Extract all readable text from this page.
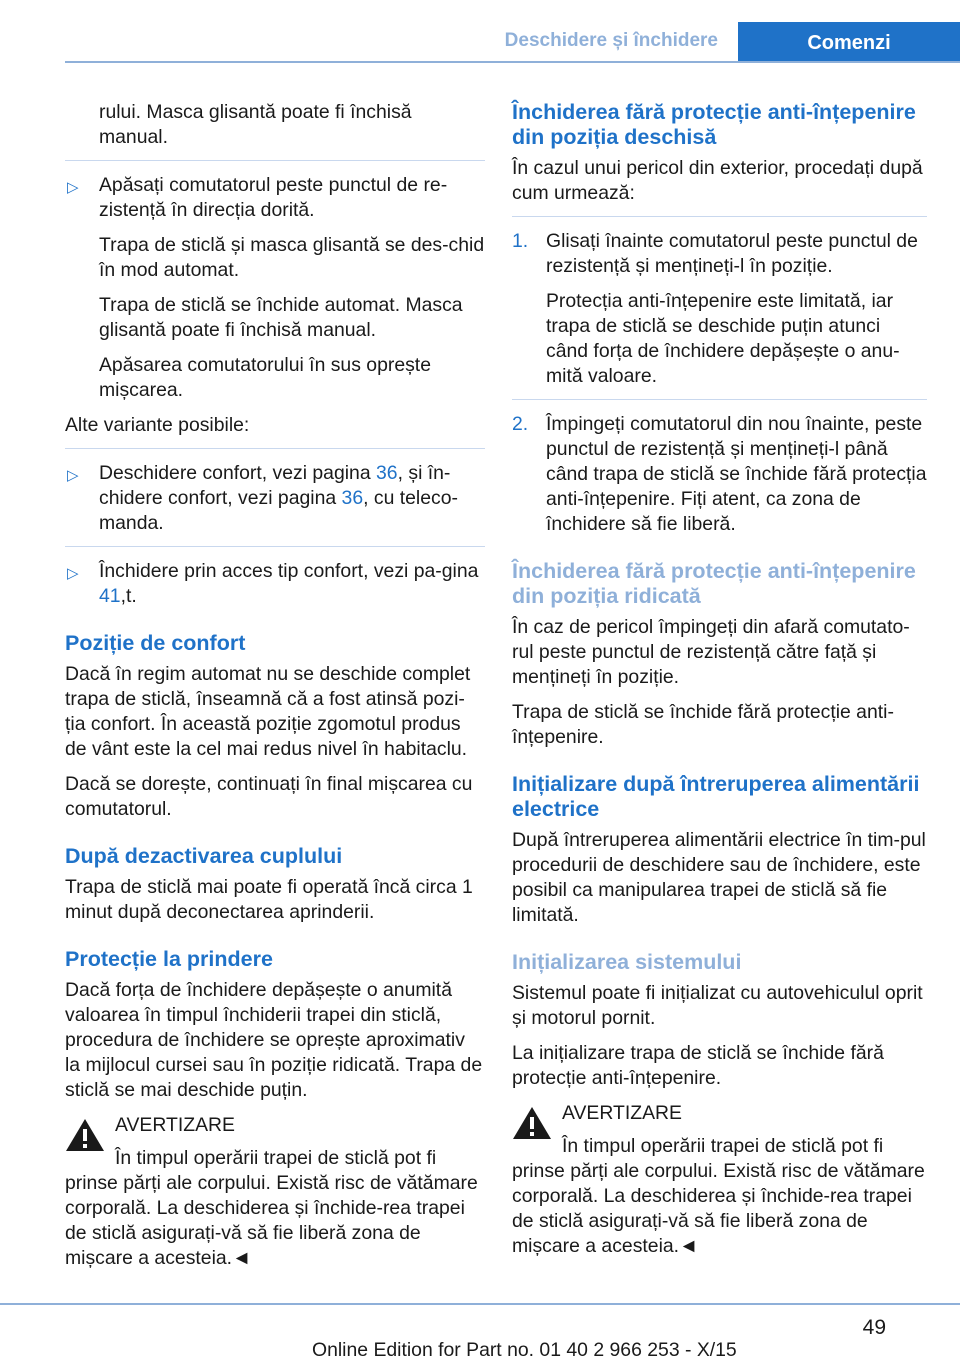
Deschidere și închidere	Comenzi

rului. Masca glisantă poate fi închisă manual.

▷ Apăsați comutatorul peste punctul de re-zistență în direcția dorită.

Trapa de sticlă și masca glisantă se des-chid în mod automat.

Trapa de sticlă se închide automat. Masca glisantă poate fi închisă manual.

Apăsarea comutatorului în sus oprește mișcarea.

Alte variante posibile:

▷ Deschidere confort, vezi pagina 36, și în-chidere confort, vezi pagina 36, cu teleco-manda.

▷ Închidere prin acces tip confort, vezi pa-gina 41,t.

Poziție de confort

Dacă în regim automat nu se deschide complet trapa de sticlă, înseamnă că a fost atinsă pozi-ția confort. În această poziție zgomotul produs de vânt este la cel mai redus nivel în habitaclu.

Dacă se dorește, continuați în final mișcarea cu comutatorul.

După dezactivarea cuplului

Trapa de sticlă mai poate fi operată încă circa 1 minut după deconectarea aprinderii.

Protecție la prindere

Dacă forța de închidere depășește o anumită valoarea în timpul închiderii trapei din sticlă, procedura de închidere se oprește aproximativ la mijlocul cursei sau în poziție ridicată. Trapa de sticlă se mai deschide puțin.

AVERTIZARE

În timpul operării trapei de sticlă pot fi

prinse părți ale corpului. Există risc de vătămare corporală. La deschiderea și închide-rea trapei de sticlă asigurați-vă să fie liberă zona de mișcare a acesteia.◄

Închiderea fără protecție anti-înțepenire din poziția deschisă

În cazul unui pericol din exterior, procedați după cum urmează:

1. Glisați înainte comutatorul peste punctul de rezistență și mențineți-l în poziție.

Protecția anti-înțepenire este limitată, iar trapa de sticlă se deschide puțin atunci când forța de închidere depășește o anu-mită valoare.

2. Împingeți comutatorul din nou înainte, peste punctul de rezistență și mențineți-l până când trapa de sticlă se închide fără protecția anti-înțepenire. Fiți atent, ca zona de închidere să fie liberă.

Închiderea fără protecție anti-înțepenire din poziția ridicată

În caz de pericol împingeți din afară comutato-rul peste punctul de rezistență către față și mențineți în poziție.

Trapa de sticlă se închide fără protecție anti-înțepenire.

Inițializare după întreruperea alimentării electrice

După întreruperea alimentării electrice în tim-pul procedurii de deschidere sau de închidere, este posibil ca manipularea trapei de sticlă să fie limitată.

Inițializarea sistemului

Sistemul poate fi inițializat cu autovehiculul oprit și motorul pornit.

La inițializare trapa de sticlă se închide fără protecție anti-înțepenire.

AVERTIZARE

În timpul operării trapei de sticlă pot fi

prinse părți ale corpului. Există risc de vătămare corporală. La deschiderea și închide-rea trapei de sticlă asigurați-vă să fie liberă zona de mișcare a acesteia.◄

49
Online Edition for Part no. 01 40 2 966 253 - X/15
